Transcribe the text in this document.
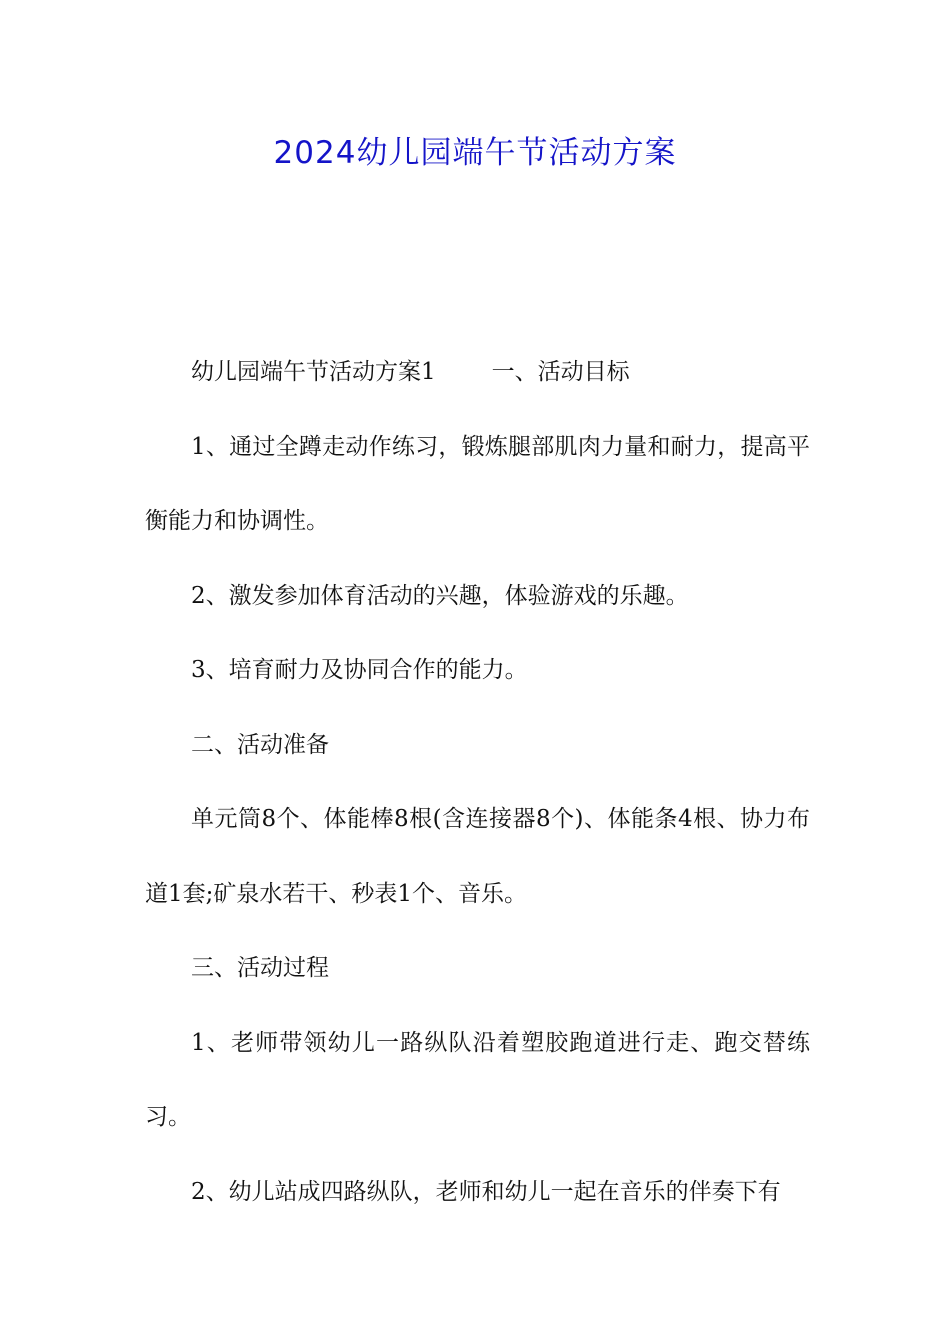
2024幼儿园端午节活动方案

幼儿园端午节活动方案1 一、活动目标

1、通过全蹲走动作练习，锻炼腿部肌肉力量和耐力，提高平衡能力和协调性。

2、激发参加体育活动的兴趣，体验游戏的乐趣。

3、培育耐力及协同合作的能力。

二、活动准备

单元筒8个、体能棒8根(含连接器8个)、体能条4根、协力布道1套;矿泉水若干、秒表1个、音乐。

三、活动过程

1、老师带领幼儿一路纵队沿着塑胶跑道进行走、跑交替练习。

2、幼儿站成四路纵队，老师和幼儿一起在音乐的伴奏下有
